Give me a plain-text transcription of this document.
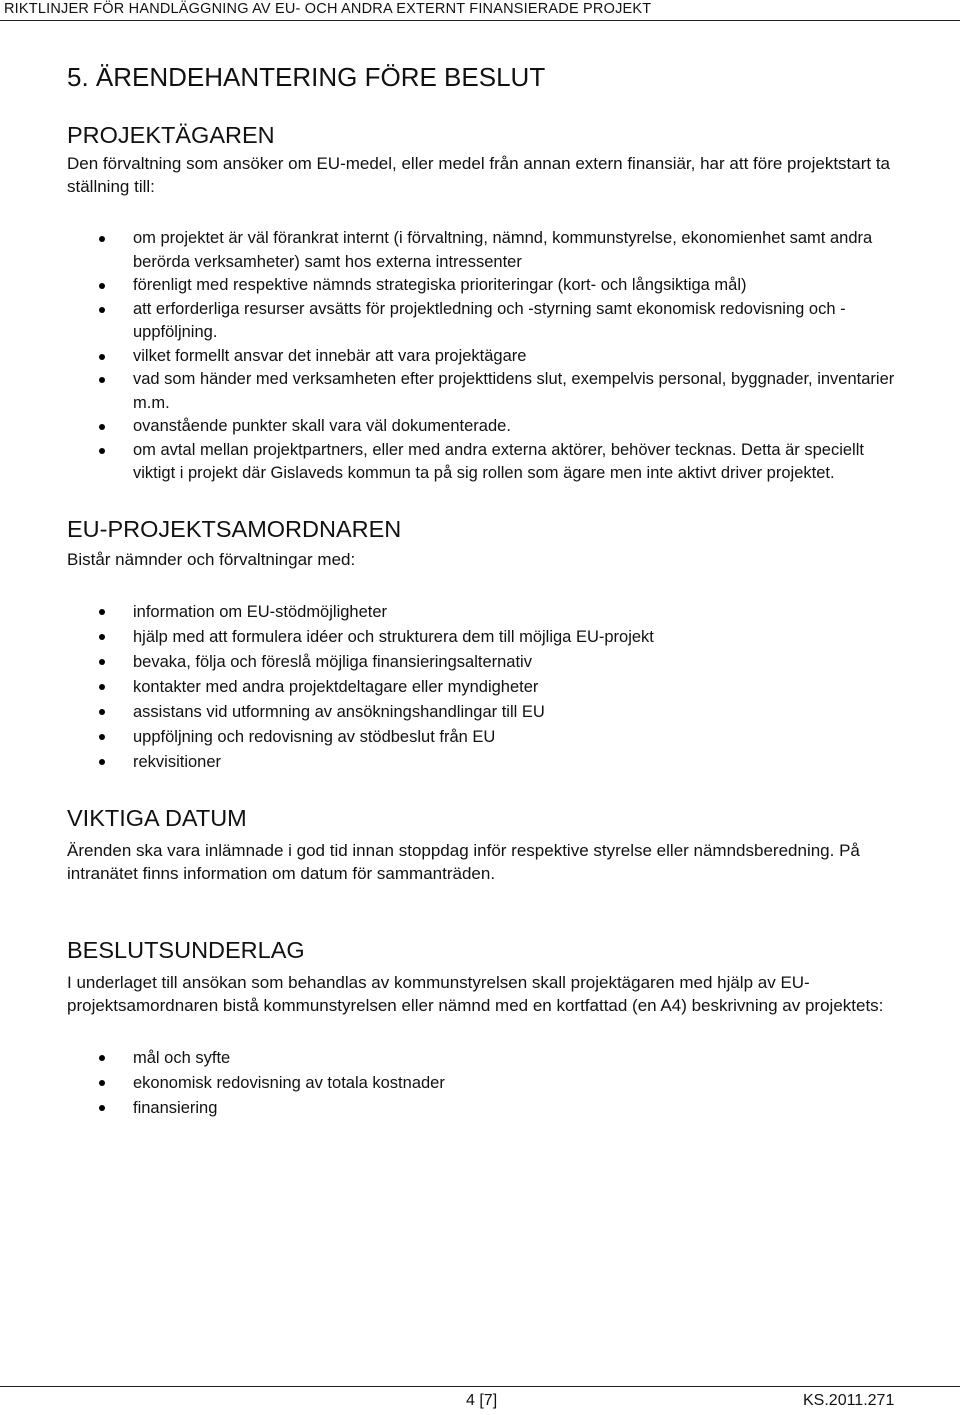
RIKTLINJER FÖR HANDLÄGGNING AV EU- OCH ANDRA EXTERNT FINANSIERADE PROJEKT
5. ÄRENDEHANTERING FÖRE BESLUT
PROJEKTÄGAREN

Den förvaltning som ansöker om EU-medel, eller medel från annan extern finansiär, har att före projektstart ta ställning till:

om projektet är väl förankrat internt (i förvaltning, nämnd, kommunstyrelse, ekonomienhet samt andra berörda verksamheter) samt hos externa intressenter
förenligt med respektive nämnds strategiska prioriteringar (kort- och långsiktiga mål)
att erforderliga resurser avsätts för projektledning och -styrning samt ekonomisk redovisning och -uppföljning.
vilket formellt ansvar det innebär att vara projektägare
vad som händer med verksamheten efter projekttidens slut, exempelvis personal, byggnader, inventarier m.m.
ovanstående punkter skall vara väl dokumenterade.
om avtal mellan projektpartners, eller med andra externa aktörer, behöver tecknas. Detta är speciellt viktigt i projekt där Gislaveds kommun ta på sig rollen som ägare men inte aktivt driver projektet.
EU-PROJEKTSAMORDNAREN

Bistår nämnder och förvaltningar med:

information om EU-stödmöjligheter
hjälp med att formulera idéer och strukturera dem till möjliga EU-projekt
bevaka, följa och föreslå möjliga finansieringsalternativ
kontakter med andra projektdeltagare eller myndigheter
assistans vid utformning av ansökningshandlingar till EU
uppföljning och redovisning av stödbeslut från EU
rekvisitioner
VIKTIGA DATUM

Ärenden ska vara inlämnade i god tid innan stoppdag inför respektive styrelse eller nämndsberedning. På intranätet finns information om datum för sammanträden.

BESLUTSUNDERLAG

I underlaget till ansökan som behandlas av kommunstyrelsen skall projektägaren med hjälp av EU-projektsamordnaren bistå kommunstyrelsen eller nämnd med en kortfattad (en A4) beskrivning av projektets:

mål och syfte
ekonomisk redovisning av totala kostnader
finansiering
4 [7]	KS.2011.271
